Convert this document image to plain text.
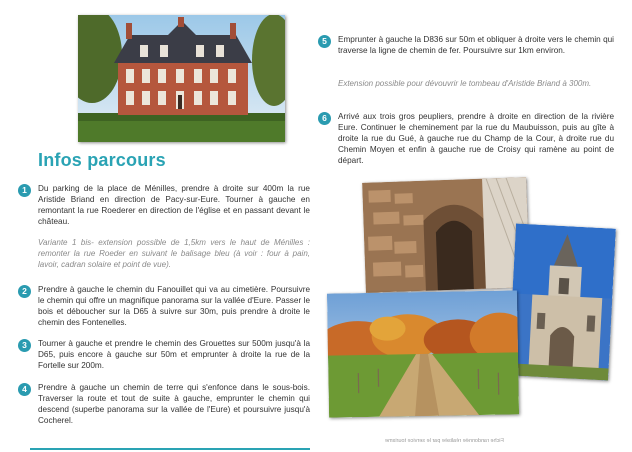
Infos parcours
1	Du parking de la place de Ménilles, prendre à droite sur 400m la rue Aristide Briand en direction de Pacy-sur-Eure. Tourner à gauche en remontant la rue Roederer en direction de l'église et en passant devant le château.
Variante 1 bis- extension possible de 1,5km vers le haut de Ménilles : remonter la rue Roeder en suivant le balisage bleu (à voir : four à pain, lavoir, cadran solaire et point de vue).
2	Prendre à gauche le chemin du Fanouillet qui va au cimetière. Poursuivre le chemin qui offre un magnifique panorama sur la vallée d'Eure. Passer le bois et déboucher sur la D65 à suivre sur 30m, puis prendre à droite le chemin des Fontenelles.
3	Tourner à gauche et prendre le chemin des Grouettes sur 500m jusqu'à la D65, puis encore à gauche sur 50m et emprunter à droite la rue de la Fortelle sur 200m.
4	Prendre à gauche un chemin de terre qui s'enfonce dans le sous-bois. Traverser la route et tout de suite à gauche, emprunter le chemin qui descend (superbe panorama sur la vallée de l'Eure) et poursuivre jusqu'à Cocherel.
5	Emprunter à gauche la D836 sur 50m et obliquer à droite vers le chemin qui traverse la ligne de chemin de fer. Poursuivre sur 1km environ.
Extension possible pour dévouvrir le tombeau d'Aristide Briand à 300m.
6	Arrivé aux trois gros peupliers, prendre à droite en direction de la rivière Eure. Continuer le cheminement par la rue du Maubuisson, puis au gîte à droite la rue du Gué, à gauche rue du Champ de la Cour, à droite rue du Chemin Moyen et enfin à gauche rue de Croisy qui ramène au point de départ.
Fiche randonnée réalisée par le service tourisme
